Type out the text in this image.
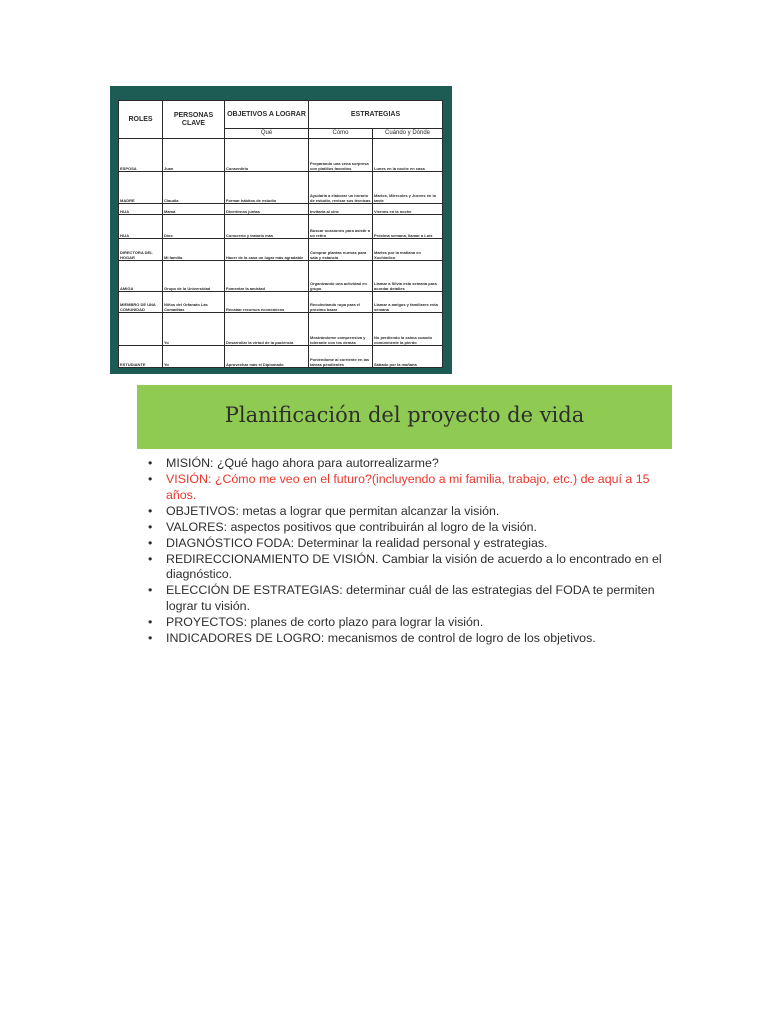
ROLES	PERSONAS CLAVE	OBJETIVOS A LOGRAR	ESTRATEGIAS	
		Qué	Cómo	Cuándo y Dónde
ESPOSA	Juan	Consentirlo	Preparando una cena sorpresa con platillos favoritos	Lunes en la noche en casa
MADRE	Claudia	Formar hábitos de estudio	Ayudarla a elaborar un horario de estudio, revisar sus técnicas	Martes, Miércoles y Jueves en la tarde
HIJA	Mamá	Divertirnos juntas	Invitarla al cine	Viernes en la noche
HIJA	Dios	Conocerlo y tratarlo más	Buscar ocasiones para asistir a un retiro	Próxima semana, llamar a Luís
DIRECTORA DEL HOGAR	Mi familia	Hacer de la casa un lugar más agradable	Comprar plantas nuevas para sala y estancia	Martes por la mañana en Xochimilco
AMIGA	Grupo de la Universidad	Fomentar la amistad	Organizando una actividad en grupo	Llamar a Silvia esta semana para acordar detalles
MIEMBRO DE UNA COMUNIDAD	Niños del Orfanato Las Comaditas	Recabar recursos económicos	Recolectando ropa para el próximo bazar	Llamar a amigos y familiares esta semana
	Yo	Desarrollar la virtud de la paciencia	Mostrándome comprensiva y tolerante con los demás	No perdiendo la calma cuando comúnmente la pierdo
ESTUDIANTE	Yo	Aprovechar más el Diplomado	Poniéndome al corriente en las tareas pendientes	Sábado por la mañana
Planificación del proyecto de vida
• MISIÓN: ¿Qué hago ahora para autorrealizarme?
• VISIÓN: ¿Cómo me veo en el futuro?(incluyendo a mi familia, trabajo, etc.) de aquí a 15 años.
• OBJETIVOS: metas a lograr que permitan alcanzar la visión.
• VALORES: aspectos positivos que contribuirán al logro de la visión.
• DIAGNÓSTICO FODA: Determinar la realidad personal y estrategias.
• REDIRECCIONAMIENTO DE VISIÓN. Cambiar la visión de acuerdo a lo encontrado en el diagnóstico.
• ELECCIÓN DE ESTRATEGIAS: determinar cuál de las estrategias del FODA te permiten lograr tu visión.
• PROYECTOS: planes de corto plazo para lograr la visión.
• INDICADORES DE LOGRO: mecanismos de control de logro de los objetivos.
